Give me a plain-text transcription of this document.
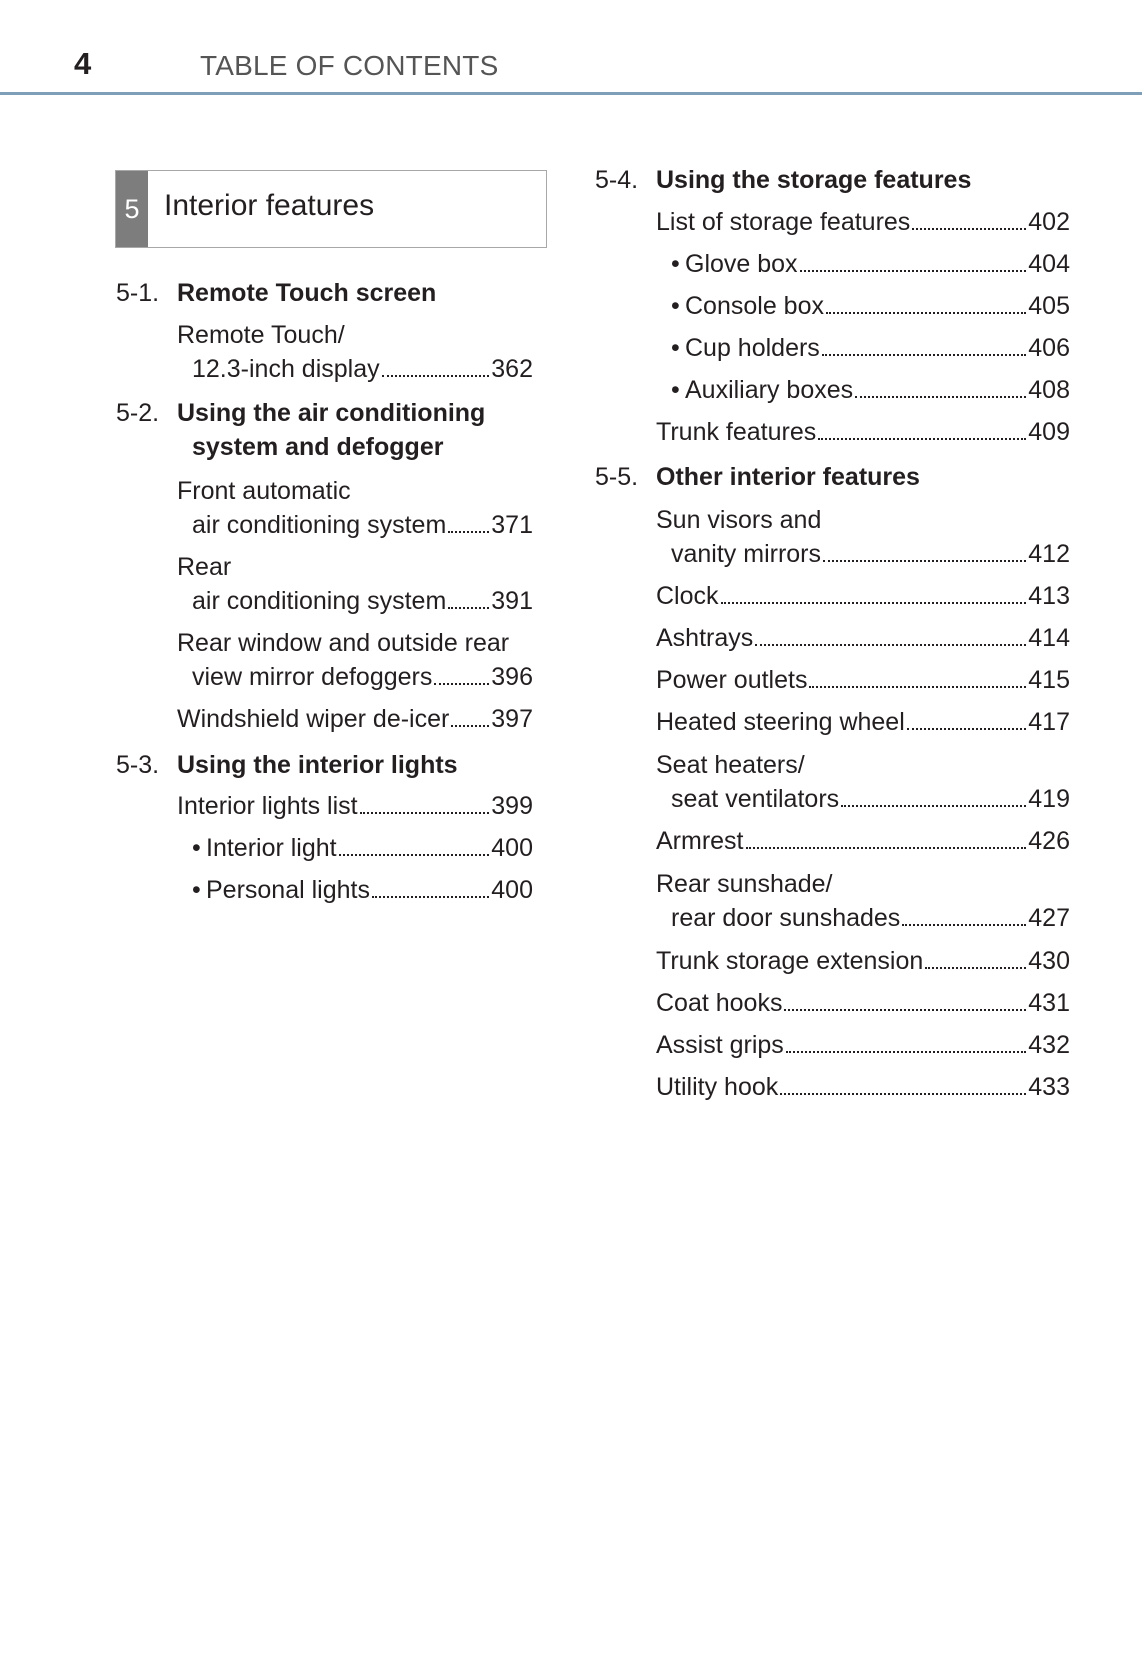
4	TABLE OF CONTENTS
5 Interior features
5-1. Remote Touch screen
Remote Touch/
12.3-inch display	362
5-2. Using the air conditioning
system and defogger
Front automatic
air conditioning system 371
Rear
air conditioning system 391
Rear window and outside rear
view mirror defoggers 396
Windshield wiper de-icer 397
5-3. Using the interior lights
Interior lights list	399
• Interior light	400
• Personal lights	400
5-4. Using the storage features
List of storage features	402
• Glove box	404
• Console box	405
• Cup holders	406
• Auxiliary boxes	408
Trunk features	409
5-5. Other interior features
Sun visors and
vanity mirrors	412
Clock	413
Ashtrays	414
Power outlets	415
Heated steering wheel	417
Seat heaters/
seat ventilators	419
Armrest	426
Rear sunshade/
rear door sunshades	427
Trunk storage extension	430
Coat hooks	431
Assist grips	432
Utility hook	433
